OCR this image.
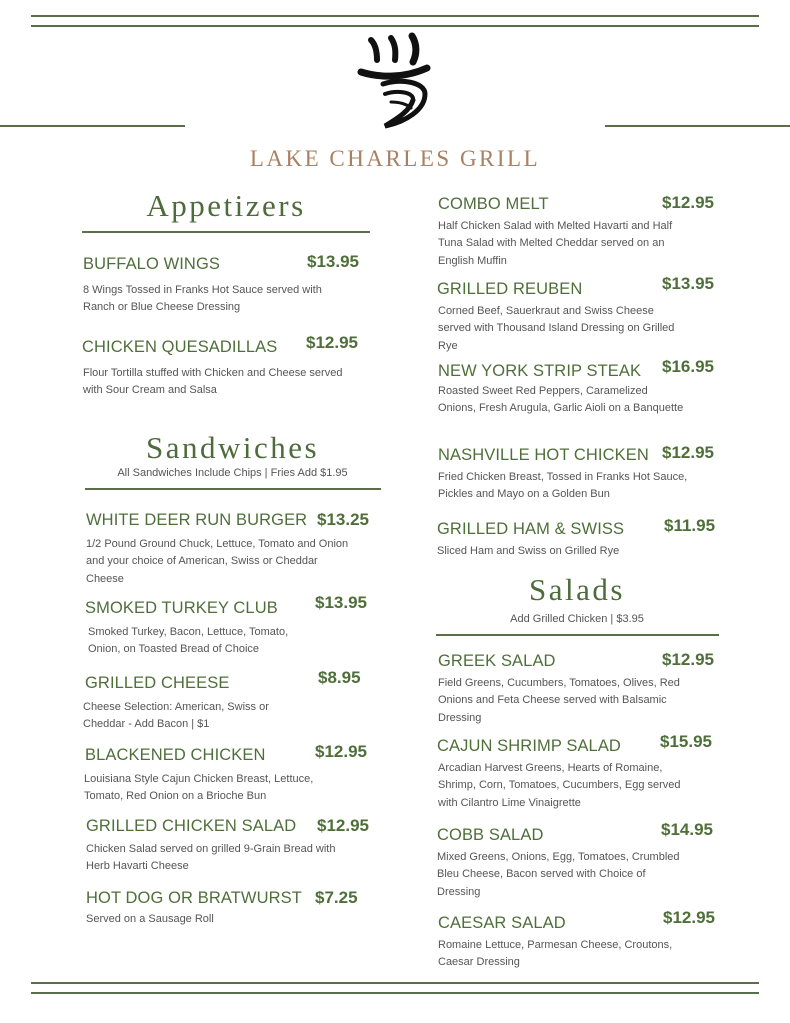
LAKE CHARLES GRILL
Appetizers
BUFFALO WINGS	$13.95
8 Wings Tossed in Franks Hot Sauce served with Ranch or Blue Cheese Dressing
CHICKEN QUESADILLAS $12.95
Flour Tortilla stuffed with Chicken and Cheese served with Sour Cream and Salsa
Sandwiches
All Sandwiches Include Chips | Fries Add $1.95
WHITE DEER RUN BURGER $13.25
1/2 Pound Ground Chuck, Lettuce, Tomato and Onion and your choice of American, Swiss or Cheddar Cheese
SMOKED TURKEY CLUB $13.95
Smoked Turkey, Bacon, Lettuce, Tomato, Onion, on Toasted Bread of Choice
GRILLED CHEESE	$8.95
Cheese Selection: American, Swiss or Cheddar - Add Bacon | $1
BLACKENED CHICKEN	$12.95
Louisiana Style Cajun Chicken Breast, Lettuce, Tomato, Red Onion on a Brioche Bun
GRILLED CHICKEN SALAD $12.95
Chicken Salad served on grilled 9-Grain Bread with Herb Havarti Cheese
HOT DOG OR BRATWURST $7.25
Served on a Sausage Roll
COMBO MELT	$12.95
Half Chicken Salad with Melted Havarti and Half Tuna Salad with Melted Cheddar served on an English Muffin
GRILLED REUBEN	$13.95
Corned Beef, Sauerkraut and Swiss Cheese served with Thousand Island Dressing on Grilled Rye
NEW YORK STRIP STEAK $16.95
Roasted Sweet Red Peppers, Caramelized Onions, Fresh Arugula, Garlic Aioli on a Banquette
NASHVILLE HOT CHICKEN $12.95
Fried Chicken Breast, Tossed in Franks Hot Sauce, Pickles and Mayo on a Golden Bun
GRILLED HAM & SWISS $11.95
Sliced Ham and Swiss on Grilled Rye
Salads
Add Grilled Chicken | $3.95
GREEK SALAD	$12.95
Field Greens, Cucumbers, Tomatoes, Olives, Red Onions and Feta Cheese served with Balsamic Dressing
CAJUN SHRIMP SALAD $15.95
Arcadian Harvest Greens, Hearts of Romaine, Shrimp, Corn, Tomatoes, Cucumbers, Egg served with Cilantro Lime Vinaigrette
COBB SALAD	$14.95
Mixed Greens, Onions, Egg, Tomatoes, Crumbled Bleu Cheese, Bacon served with Choice of Dressing
CAESAR SALAD	$12.95
Romaine Lettuce, Parmesan Cheese, Croutons, Caesar Dressing
